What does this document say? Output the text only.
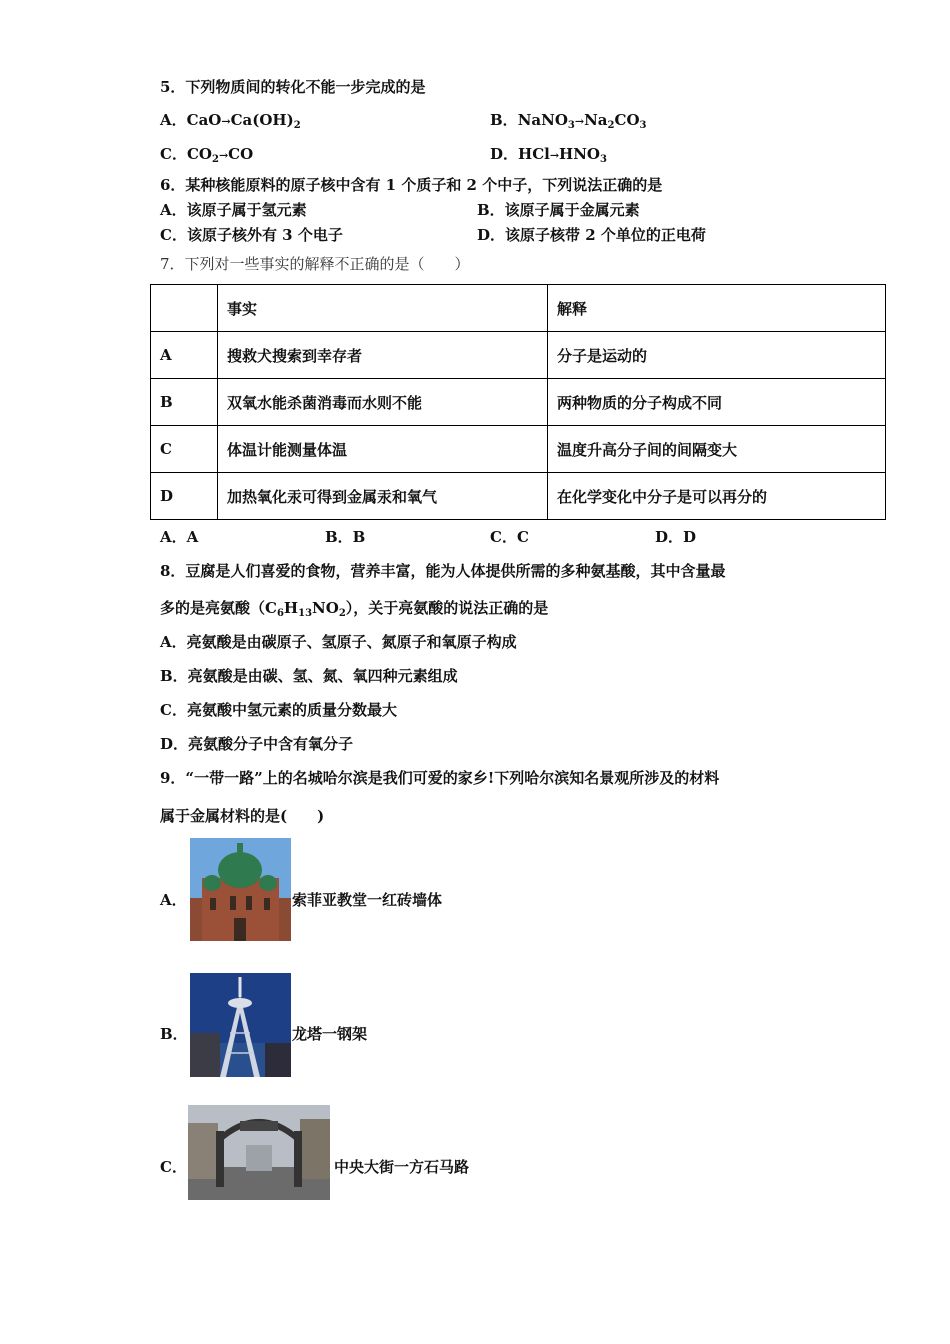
5．下列物质间的转化不能一步完成的是
A．$CaO\to Ca(OH)_2$	B．$NaNO_3\to Na_2CO_3$
C．$CO_2\to CO$	D．$HCl\to HNO_3$
6．某种核能原料的原子核中含有 1 个质子和 2 个中子，下列说法正确的是
A．该原子属于氢元素	B．该原子属于金属元素
C．该原子核外有 3 个电子	D．该原子核带 2 个单位的正电荷
7．下列对一些事实的解释不正确的是（　　）
	事实	解释
A	搜救犬搜索到幸存者	分子是运动的
B	双氧水能杀菌消毒而水则不能	两种物质的分子构成不同
C	体温计能测量体温	温度升高分子间的间隔变大
D	加热氧化汞可得到金属汞和氧气	在化学变化中分子是可以再分的
A．A	B．B	C．C	D．D
8．豆腐是人们喜爱的食物，营养丰富，能为人体提供所需的多种氨基酸，其中含量最
多的是亮氨酸$(C_6H_{13}NO_2)$，关于亮氨酸的说法正确的是
A．亮氨酸是由碳原子、氢原子、氮原子和氧原子构成
B．亮氨酸是由碳、氢、氮、氧四种元素组成
C．亮氨酸中氢元素的质量分数最大
D．亮氨酸分子中含有氧分子
9．“一带一路”上的名城哈尔滨是我们可爱的家乡!下列哈尔滨知名景观所涉及的材料
属于金属材料的是(　　)
A．	索菲亚教堂一红砖墙体
B．	龙塔一钢架
C．	中央大街一方石马路
